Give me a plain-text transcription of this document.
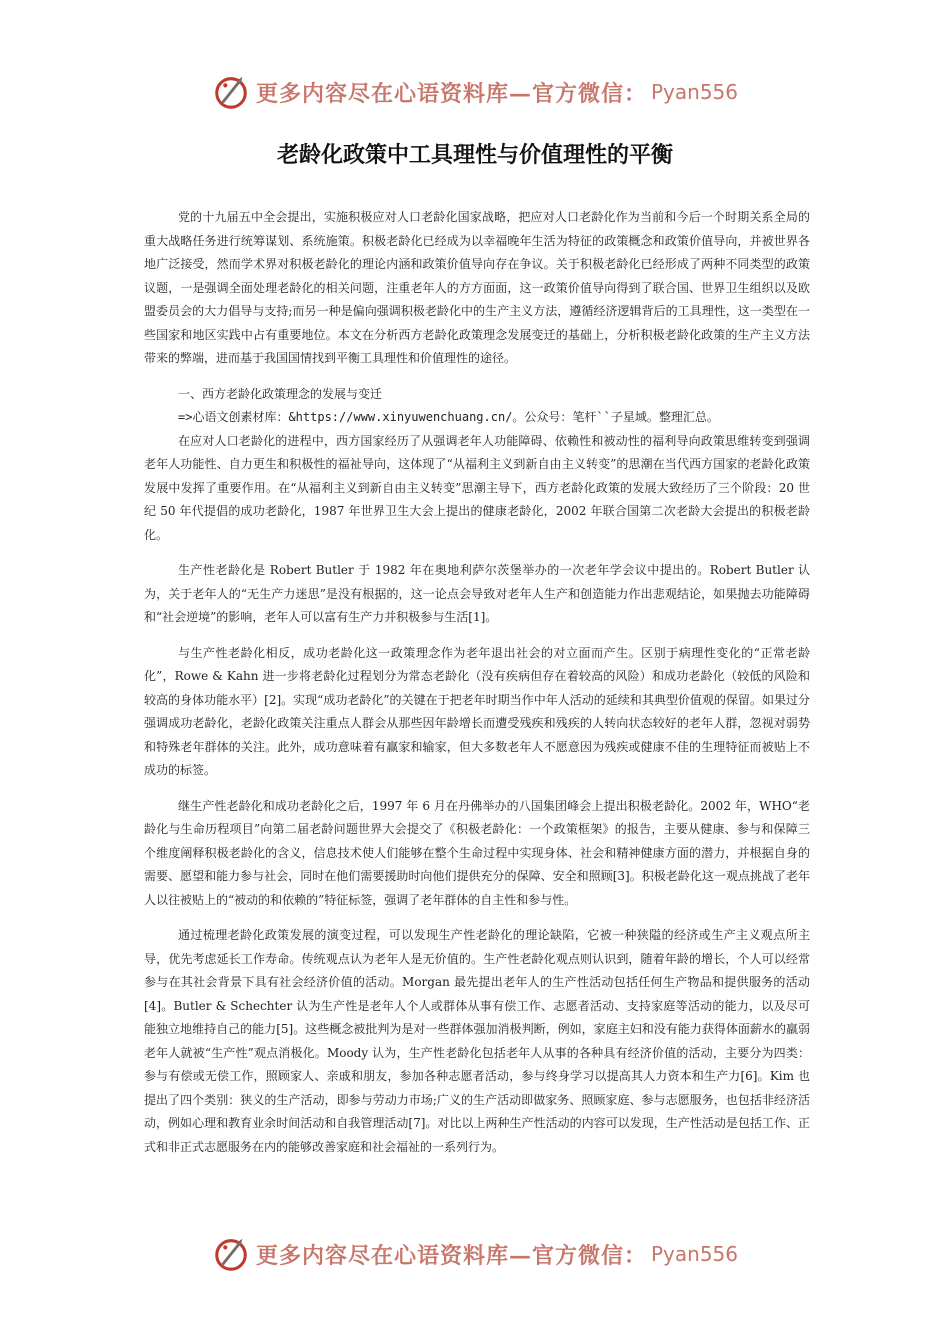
更多内容尽在心语资料库—官方微信： Pyan556
老龄化政策中工具理性与价值理性的平衡

党的十九届五中全会提出，实施积极应对人口老龄化国家战略，把应对人口老龄化作为当前和今后一个时期关系全局的重大战略任务进行统筹谋划、系统施策。积极老龄化已经成为以幸福晚年生活为特征的政策概念和政策价值导向，并被世界各地广泛接受，然而学术界对积极老龄化的理论内涵和政策价值导向存在争议。关于积极老龄化已经形成了两种不同类型的政策议题，一是强调全面处理老龄化的相关问题，注重老年人的方方面面，这一政策价值导向得到了联合国、世界卫生组织以及欧盟委员会的大力倡导与支持;而另一种是偏向强调积极老龄化中的生产主义方法，遵循经济逻辑背后的工具理性，这一类型在一些国家和地区实践中占有重要地位。本文在分析西方老龄化政策理念发展变迁的基础上，分析积极老龄化政策的生产主义方法带来的弊端，进而基于我国国情找到平衡工具理性和价值理性的途径。

一、西方老龄化政策理念的发展与变迁

=>心语文创素材库：&https://www.xinyuwenchuang.cn/。公众号：笔杆``子星域。整理汇总。

在应对人口老龄化的进程中，西方国家经历了从强调老年人功能障碍、依赖性和被动性的福利导向政策思维转变到强调老年人功能性、自力更生和积极性的福祉导向，这体现了“从福利主义到新自由主义转变”的思潮在当代西方国家的老龄化政策发展中发挥了重要作用。在“从福利主义到新自由主义转变”思潮主导下，西方老龄化政策的发展大致经历了三个阶段：20 世纪 50 年代提倡的成功老龄化，1987 年世界卫生大会上提出的健康老龄化，2002 年联合国第二次老龄大会提出的积极老龄化。

生产性老龄化是 Robert Butler 于 1982 年在奥地利萨尔茨堡举办的一次老年学会议中提出的。Robert Butler 认为，关于老年人的“无生产力迷思”是没有根据的，这一论点会导致对老年人生产和创造能力作出悲观结论，如果抛去功能障碍和“社会逆境”的影响，老年人可以富有生产力并积极参与生活[1]。

与生产性老龄化相反，成功老龄化这一政策理念作为老年退出社会的对立面而产生。区别于病理性变化的“正常老龄化”，Rowe & Kahn 进一步将老龄化过程划分为常态老龄化（没有疾病但存在着较高的风险）和成功老龄化（较低的风险和较高的身体功能水平）[2]。实现“成功老龄化”的关键在于把老年时期当作中年人活动的延续和其典型价值观的保留。如果过分强调成功老龄化，老龄化政策关注重点人群会从那些因年龄增长而遭受残疾和残疾的人转向状态较好的老年人群，忽视对弱势和特殊老年群体的关注。此外，成功意味着有赢家和输家，但大多数老年人不愿意因为残疾或健康不佳的生理特征而被贴上不成功的标签。

继生产性老龄化和成功老龄化之后，1997 年 6 月在丹佛举办的八国集团峰会上提出积极老龄化。2002 年，WHO“老龄化与生命历程项目”向第二届老龄问题世界大会提交了《积极老龄化：一个政策框架》的报告，主要从健康、参与和保障三个维度阐释积极老龄化的含义，信息技术使人们能够在整个生命过程中实现身体、社会和精神健康方面的潜力，并根据自身的需要、愿望和能力参与社会，同时在他们需要援助时向他们提供充分的保障、安全和照顾[3]。积极老龄化这一观点挑战了老年人以往被贴上的“被动的和依赖的”特征标签，强调了老年群体的自主性和参与性。

通过梳理老龄化政策发展的演变过程，可以发现生产性老龄化的理论缺陷，它被一种狭隘的经济或生产主义观点所主导，优先考虑延长工作寿命。传统观点认为老年人是无价值的。生产性老龄化观点则认识到，随着年龄的增长，个人可以经常参与在其社会背景下具有社会经济价值的活动。Morgan 最先提出老年人的生产性活动包括任何生产物品和提供服务的活动[4]。Butler & Schechter 认为生产性是老年人个人或群体从事有偿工作、志愿者活动、支持家庭等活动的能力，以及尽可能独立地维持自己的能力[5]。这些概念被批判为是对一些群体强加消极判断，例如，家庭主妇和没有能力获得体面薪水的羸弱老年人就被“生产性”观点消极化。Moody 认为，生产性老龄化包括老年人从事的各种具有经济价值的活动，主要分为四类：参与有偿或无偿工作，照顾家人、亲戚和朋友，参加各种志愿者活动，参与终身学习以提高其人力资本和生产力[6]。Kim 也提出了四个类别：狭义的生产活动，即参与劳动力市场;广义的生产活动即做家务、照顾家庭、参与志愿服务，也包括非经济活动，例如心理和教育业余时间活动和自我管理活动[7]。对比以上两种生产性活动的内容可以发现，生产性活动是包括工作、正式和非正式志愿服务在内的能够改善家庭和社会福祉的一系列行为。

更多内容尽在心语资料库—官方微信： Pyan556
